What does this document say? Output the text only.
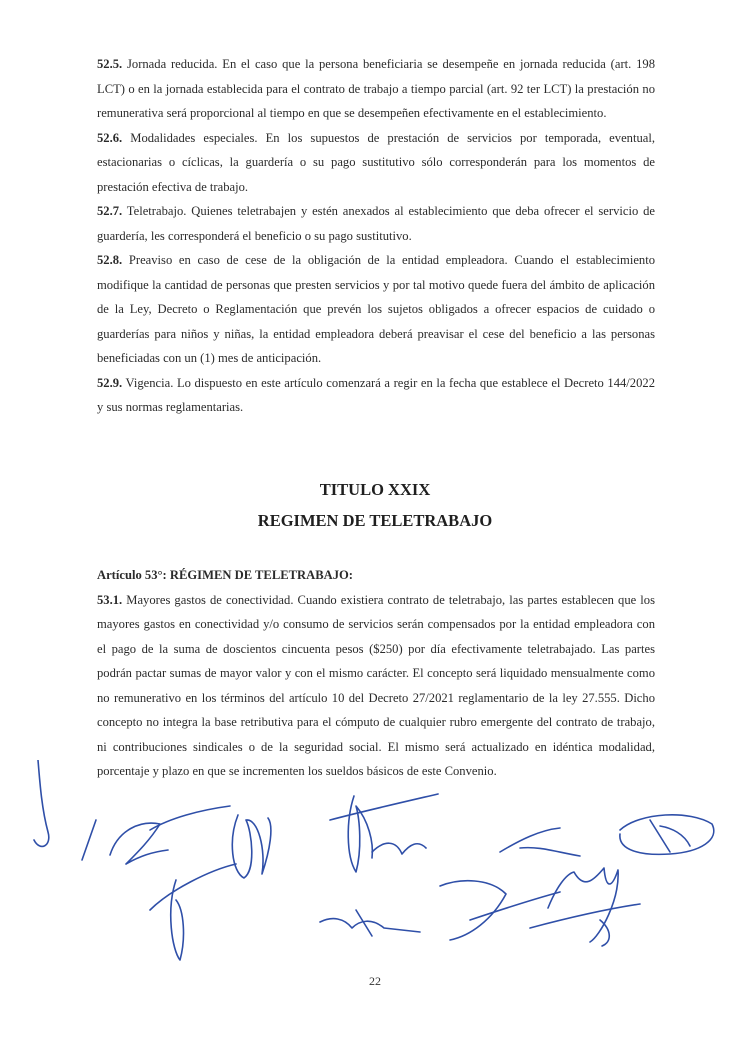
52.5. Jornada reducida. En el caso que la persona beneficiaria se desempeñe en jornada reducida (art. 198 LCT) o en la jornada establecida para el contrato de trabajo a tiempo parcial (art. 92 ter LCT) la prestación no remunerativa será proporcional al tiempo en que se desempeñen efectivamente en el establecimiento.

52.6. Modalidades especiales. En los supuestos de prestación de servicios por temporada, eventual, estacionarias o cíclicas, la guardería o su pago sustitutivo sólo corresponderán para los momentos de prestación efectiva de trabajo.

52.7. Teletrabajo. Quienes teletrabajen y estén anexados al establecimiento que deba ofrecer el servicio de guardería, les corresponderá el beneficio o su pago sustitutivo.

52.8. Preaviso en caso de cese de la obligación de la entidad empleadora. Cuando el establecimiento modifique la cantidad de personas que presten servicios y por tal motivo quede fuera del ámbito de aplicación de la Ley, Decreto o Reglamentación que prevén los sujetos obligados a ofrecer espacios de cuidado o guarderías para niños y niñas, la entidad empleadora deberá preavisar el cese del beneficio a las personas beneficiadas con un (1) mes de anticipación.

52.9. Vigencia. Lo dispuesto en este artículo comenzará a regir en la fecha que establece el Decreto 144/2022 y sus normas reglamentarias.

TITULO XXIX
REGIMEN DE TELETRABAJO
Artículo 53°: RÉGIMEN DE TELETRABAJO:

53.1. Mayores gastos de conectividad. Cuando existiera contrato de teletrabajo, las partes establecen que los mayores gastos en conectividad y/o consumo de servicios serán compensados por la entidad empleadora con el pago de la suma de doscientos cincuenta pesos ($250) por día efectivamente teletrabajado. Las partes podrán pactar sumas de mayor valor y con el mismo carácter. El concepto será liquidado mensualmente como no remunerativo en los términos del artículo 10 del Decreto 27/2021 reglamentario de la ley 27.555. Dicho concepto no integra la base retributiva para el cómputo de cualquier rubro emergente del contrato de trabajo, ni contribuciones sindicales o de la seguridad social. El mismo será actualizado en idéntica modalidad, porcentaje y plazo en que se incrementen los sueldos básicos de este Convenio.

22
